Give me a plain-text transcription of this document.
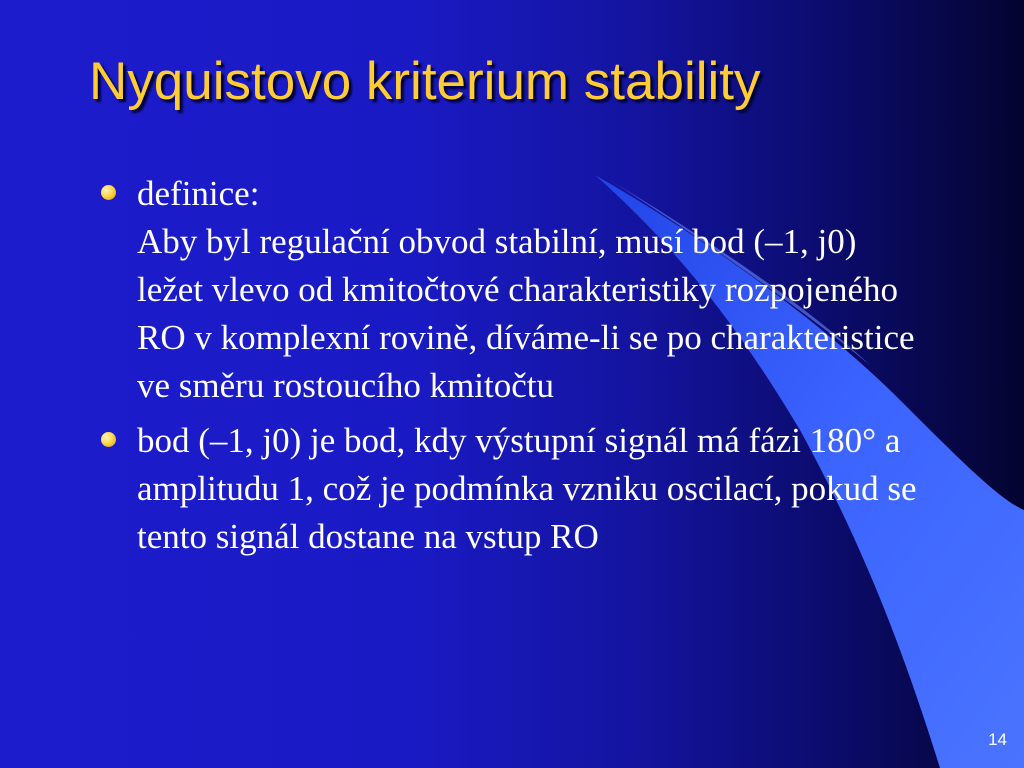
Nyquistovo kriterium stability
definice:
Aby byl regulační obvod stabilní, musí bod (–1, j0) ležet vlevo od kmitočtové charakteristiky rozpojeného RO v komplexní rovině, díváme-li se po charakteristice ve směru rostoucího kmitočtu
bod (–1, j0) je bod, kdy výstupní signál má fázi 180° a amplitudu 1, což je podmínka vzniku oscilací, pokud se tento signál dostane na vstup RO
14
